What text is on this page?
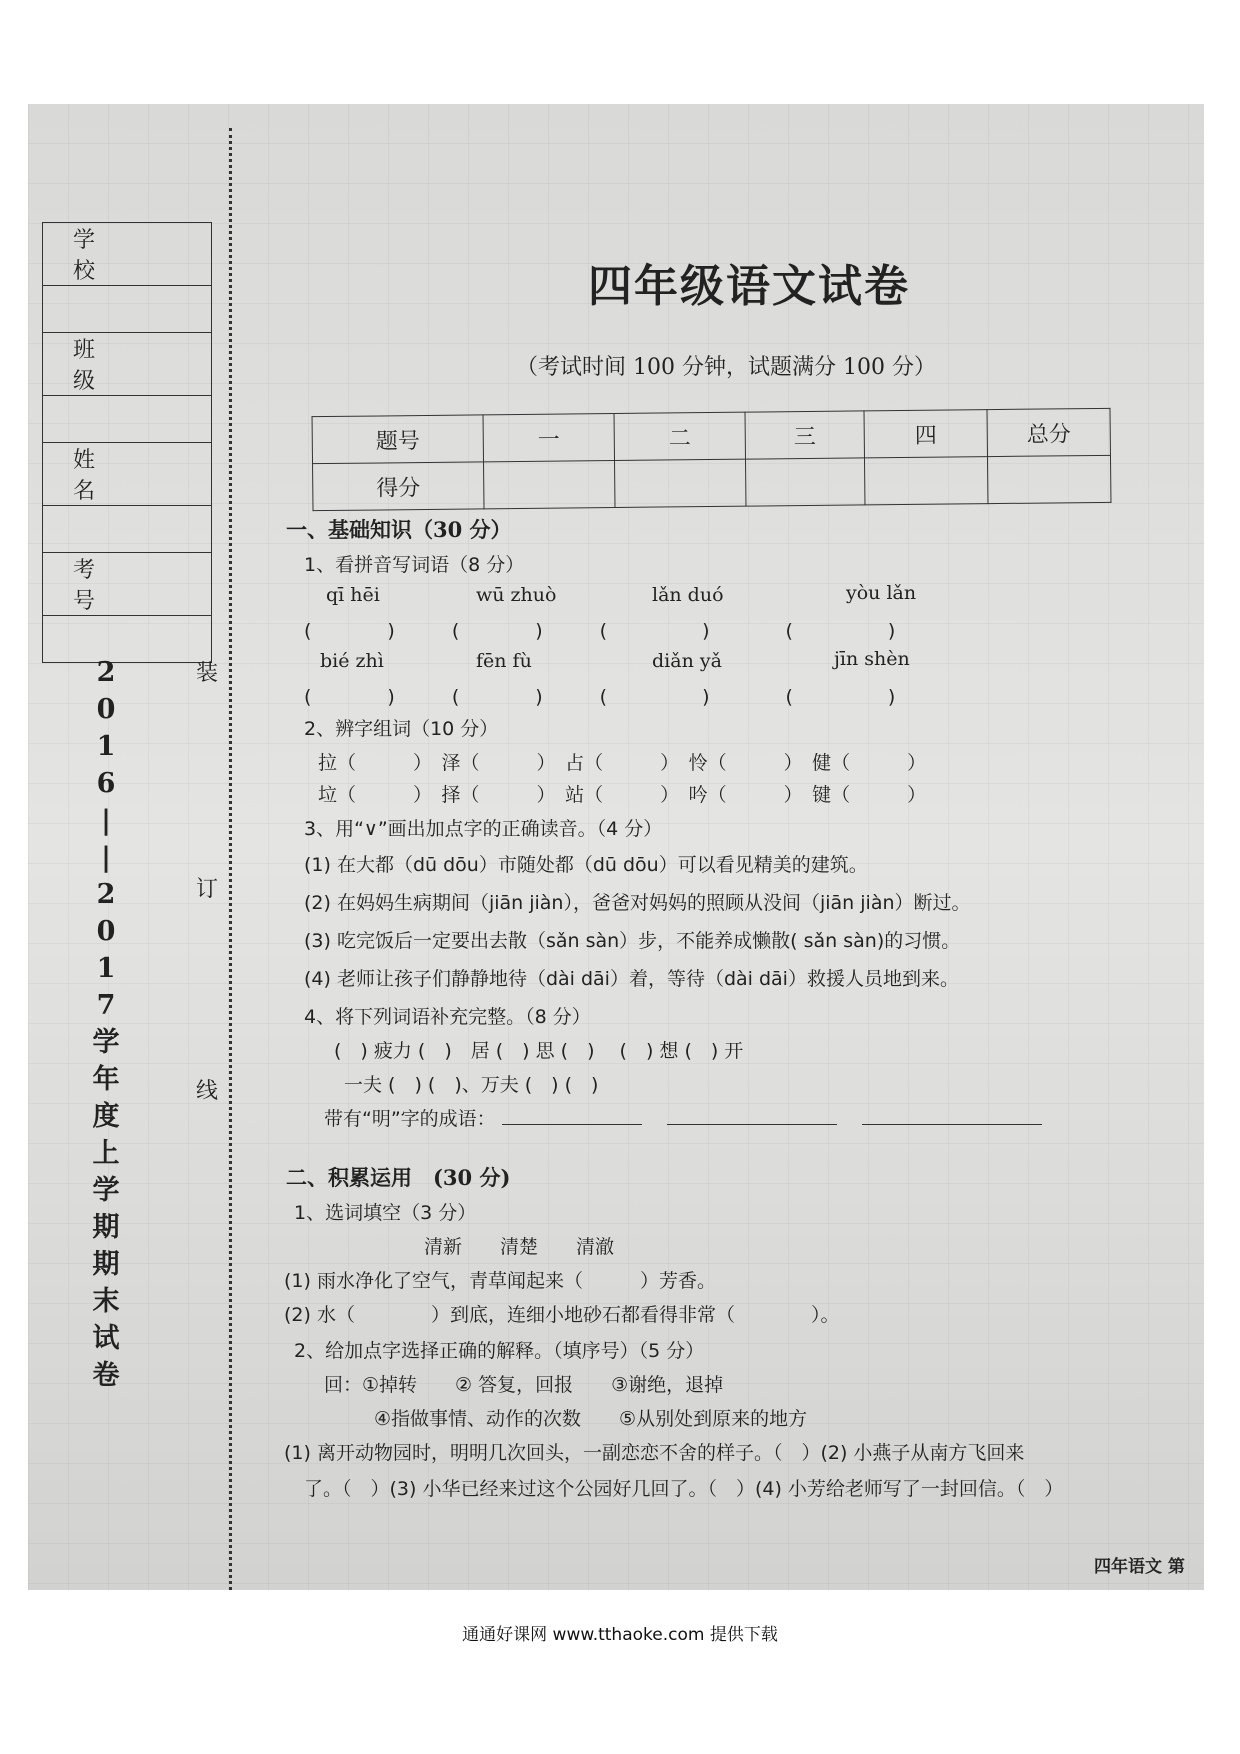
学　校

班　级

姓　名

考　号

2
0
1
6
|
|
2
0
1
7
学
年
度
上
学
期
期
末
试
卷
装
订
线
四年级语文试卷
（考试时间 100 分钟，试题满分 100 分）
题号	一	二	三	四	总分
得分					
一、基础知识（30 分）
1、看拼音写词语（8 分）
qī hēi	wū zhuò	lǎn duó	yòu lǎn
(　　　　)　　　(　　　　)　　　(　　　　　)　　　　(　　　　　)
bié zhì	fēn fù	diǎn yǎ	jīn shèn
(　　　　)　　　(　　　　)　　　(　　　　　)　　　　(　　　　　)
2、辨字组词（10 分）
拉（　　　）　泽（　　　）　占（　　　）　怜（　　　）　健（　　　）
垃（　　　）　择（　　　）　站（　　　）　吟（　　　）　键（　　　）
3、用“∨”画出加点字的正确读音。（4 分）
(1) 在大都（dū dōu）市随处都（dū dōu）可以看见精美的建筑。
(2) 在妈妈生病期间（jiān jiàn），爸爸对妈妈的照顾从没间（jiān jiàn）断过。
(3) 吃完饭后一定要出去散（sǎn sàn）步，不能养成懒散( sǎn sàn)的习惯。
(4) 老师让孩子们静静地待（dài dāi）着，等待（dài dāi）救援人员地到来。
4、将下列词语补充完整。（8 分）
(　) 疲力 (　)　居 (　) 思 (　) 　(　) 想 (　) 开
一夫 (　) (　)、万夫 (　) (　)
带有“明”字的成语： 　 　
二、积累运用　(30 分)
1、选词填空（3 分）
清新　　清楚　　清澈
(1) 雨水净化了空气，青草闻起来（　　　）芳香。
(2) 水（　　　　）到底，连细小地砂石都看得非常（　　　　）。
2、给加点字选择正确的解释。（填序号）（5 分）
回：①掉转　　② 答复，回报　　③谢绝，退掉
④指做事情、动作的次数　　⑤从别处到原来的地方
(1) 离开动物园时，明明几次回头，一副恋恋不舍的样子。（　）(2) 小燕子从南方飞回来
了。（　）(3) 小华已经来过这个公园好几回了。（　）(4) 小芳给老师写了一封回信。（　）
四年语文 第
通通好课网 www.tthaoke.com 提供下载
